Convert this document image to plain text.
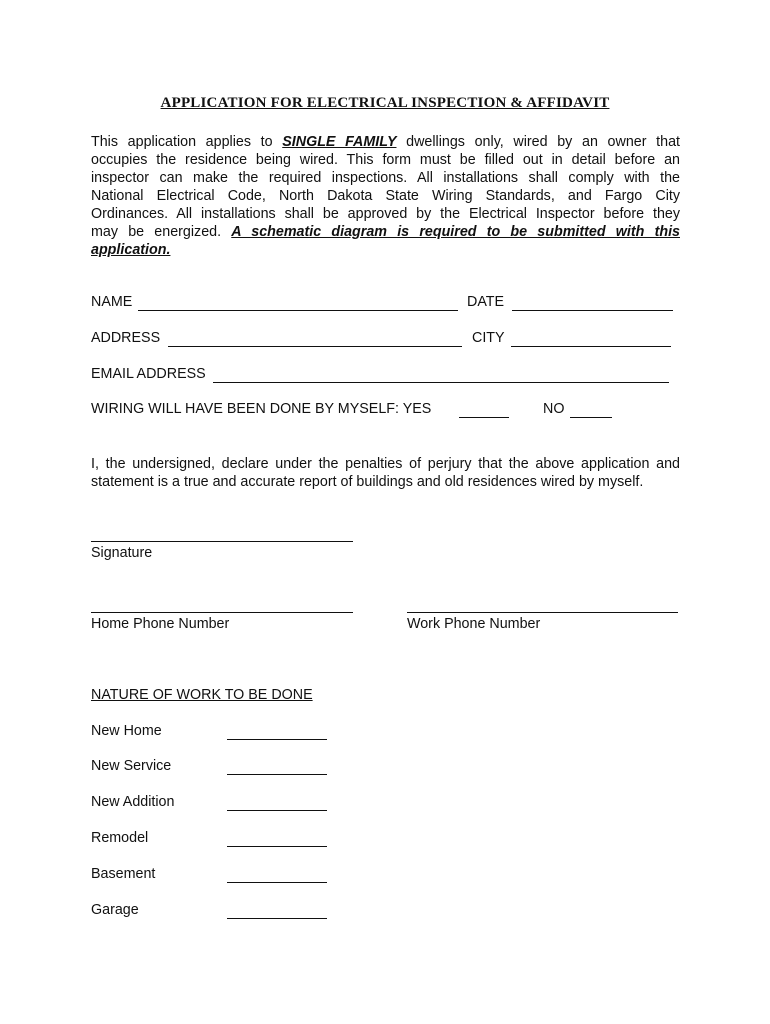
APPLICATION FOR ELECTRICAL INSPECTION & AFFIDAVIT
This application applies to SINGLE FAMILY dwellings only, wired by an owner that
occupies the residence being wired. This form must be filled out in detail before an
inspector can make the required inspections. All installations shall comply with the
National Electrical Code, North Dakota State Wiring Standards, and Fargo City
Ordinances. All installations shall be approved by the Electrical Inspector before they
may be energized. A schematic diagram is required to be submitted with this
application.
NAME	DATE
ADDRESS	CITY
EMAIL ADDRESS
WIRING WILL HAVE BEEN DONE BY MYSELF: YES	NO
I, the undersigned, declare under the penalties of perjury that the above application and
statement is a true and accurate report of buildings and old residences wired by myself.
Signature
Home Phone Number	Work Phone Number
NATURE OF WORK TO BE DONE
New Home
New Service
New Addition
Remodel
Basement
Garage
